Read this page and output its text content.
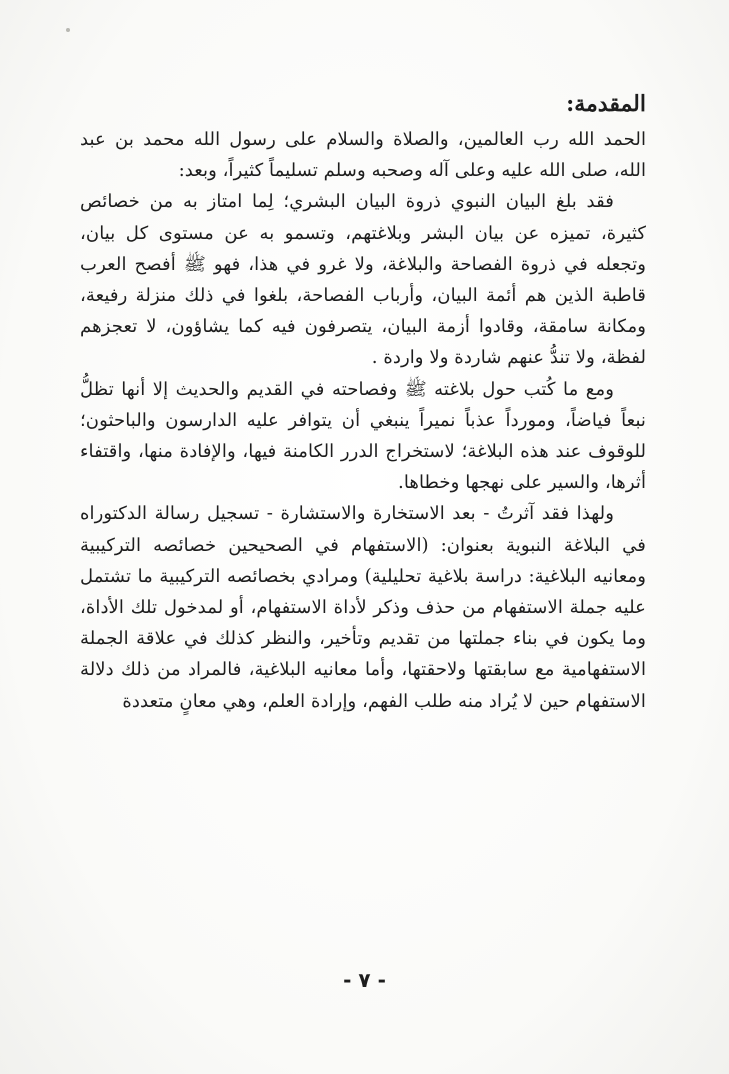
المقدمة:

الحمد الله رب العالمين، والصلاة والسلام على رسول الله محمد بن عبد الله، صلى الله عليه وعلى آله وصحبه وسلم تسليماً كثيراً، وبعد:

فقد بلغ البيان النبوي ذروة البيان البشري؛ لِما امتاز به من خصائص كثيرة، تميزه عن بيان البشر وبلاغتهم، وتسمو به عن مستوى كل بيان، وتجعله في ذروة الفصاحة والبلاغة، ولا غرو في هذا، فهو ﷺ أفصح العرب قاطبة الذين هم أئمة البيان، وأرباب الفصاحة، بلغوا في ذلك منزلة رفيعة، ومكانة سامقة، وقادوا أزمة البيان، يتصرفون فيه كما يشاؤون، لا تعجزهم لفظة، ولا تندُّ عنهم شاردة ولا واردة .

ومع ما كُتب حول بلاغته ﷺ وفصاحته في القديم والحديث إلا أنها تظلُّ نبعاً فياضاً، ومورداً عذباً نميراً ينبغي أن يتوافر عليه الدارسون والباحثون؛ للوقوف عند هذه البلاغة؛ لاستخراج الدرر الكامنة فيها، والإفادة منها، واقتفاء أثرها، والسير على نهجها وخطاها.

ولهذا فقد آثرتُ - بعد الاستخارة والاستشارة - تسجيل رسالة الدكتوراه في البلاغة النبوية بعنوان: (الاستفهام في الصحيحين خصائصه التركيبية ومعانيه البلاغية: دراسة بلاغية تحليلية) ومرادي بخصائصه التركيبية ما تشتمل عليه جملة الاستفهام من حذف وذكر لأداة الاستفهام، أو لمدخول تلك الأداة، وما يكون في بناء جملتها من تقديم وتأخير، والنظر كذلك في علاقة الجملة الاستفهامية مع سابقتها ولاحقتها، وأما معانيه البلاغية، فالمراد من ذلك دلالة الاستفهام حين لا يُراد منه طلب الفهم، وإرادة العلم، وهي معانٍ متعددة

- ٧ -
